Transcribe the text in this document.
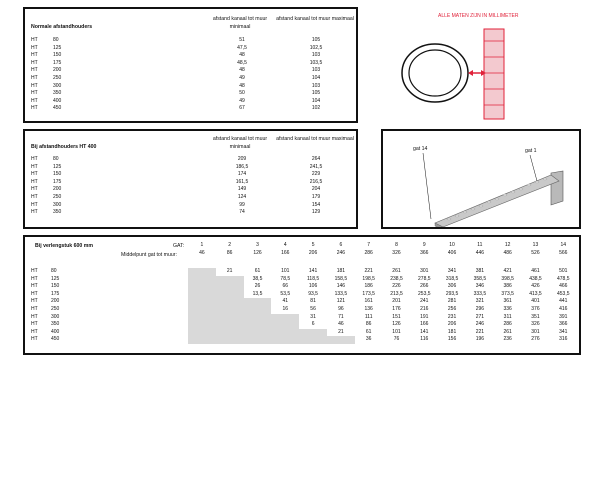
Normale afstandhouders
afstand kanaal tot muur minimaal
afstand kanaal tot muur maximaal
HT	80	51	105
HT	125	47,5	102,5
HT	150	48	103
HT	175	48,5	103,5
HT	200	48	103
HT	250	49	104
HT	300	48	103
HT	350	50	105
HT	400	49	104
HT	450	67	102
Bij afstandhouders HT 400
afstand kanaal tot muur minimaal
afstand kanaal tot muur maximaal
HT	80	209	264
HT	125	186,5	241,5
HT	150	174	229
HT	175	161,5	216,5
HT	200	149	204
HT	250	124	179
HT	300	99	154
HT	350	74	129
ALLE MATEN ZIJN IN MILLIMETER
gat 14	gat 1
Bij verlengstuk 600 mm	GAT:
Middelpunt gat tot muur:
1	2	3	4	5	6	7	8	9	10	11	12	13	14
46	86	126	166	206	246	286	326	366	406	446	486	526	566
HT	80		21	61	101	141	181	221	261	301	341	381	421	461	501
HT	125			38,5	78,5	118,5	158,5	198,5	238,5	278,5	318,5	358,5	398,5	438,5	478,5
HT	150			26	66	106	146	186	226	266	306	346	386	426	466
HT	175			13,5	53,5	93,5	133,5	173,5	213,5	253,5	293,5	333,5	373,5	413,5	453,5
HT	200				41	81	121	161	201	241	281	321	361	401	441
HT	250				16	56	96	136	176	216	256	296	336	376	416
HT	300					31	71	111	151	191	231	271	311	351	391
HT	350					6	46	86	126	166	206	246	286	326	366
HT	400						21	61	101	141	181	221	261	301	341
HT	450							36	76	116	156	196	236	276	316
